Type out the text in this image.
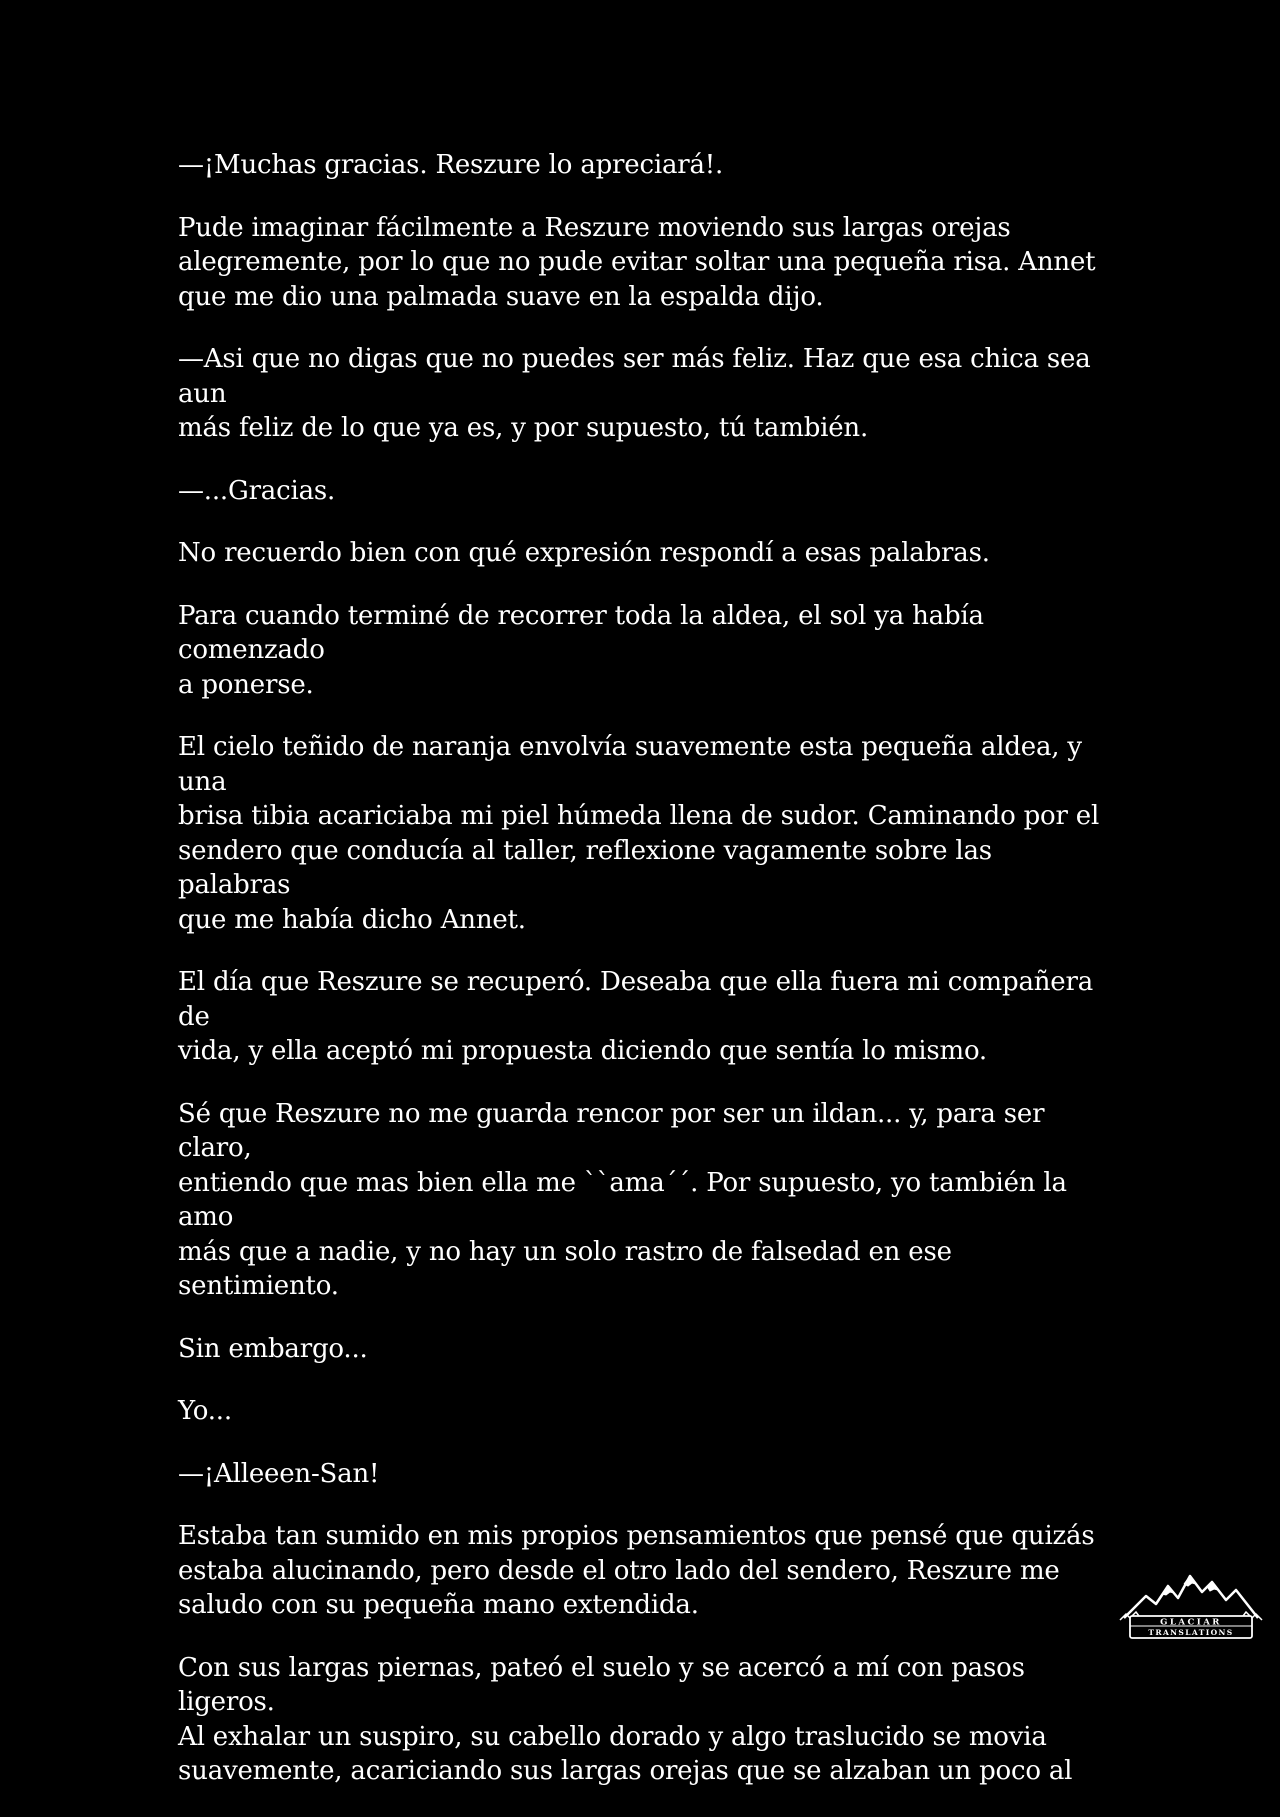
—¡Muchas gracias. Reszure lo apreciará!.

Pude imaginar fácilmente a Reszure moviendo sus largas orejas
alegremente, por lo que no pude evitar soltar una pequeña risa. Annet
que me dio una palmada suave en la espalda dijo.

—Asi que no digas que no puedes ser más feliz. Haz que esa chica sea aun
más feliz de lo que ya es, y por supuesto, tú también.

—...Gracias.

No recuerdo bien con qué expresión respondí a esas palabras.

Para cuando terminé de recorrer toda la aldea, el sol ya había comenzado
a ponerse.

El cielo teñido de naranja envolvía suavemente esta pequeña aldea, y una
brisa tibia acariciaba mi piel húmeda llena de sudor. Caminando por el
sendero que conducía al taller, reflexione vagamente sobre las palabras
que me había dicho Annet.

El día que Reszure se recuperó. Deseaba que ella fuera mi compañera de
vida, y ella aceptó mi propuesta diciendo que sentía lo mismo.

Sé que Reszure no me guarda rencor por ser un ildan... y, para ser claro,
entiendo que mas bien ella me ``ama´´. Por supuesto, yo también la amo
más que a nadie, y no hay un solo rastro de falsedad en ese sentimiento.

Sin embargo...

Yo...

—¡Alleeen-San!

Estaba tan sumido en mis propios pensamientos que pensé que quizás
estaba alucinando, pero desde el otro lado del sendero, Reszure me
saludo con su pequeña mano extendida.

Con sus largas piernas, pateó el suelo y se acercó a mí con pasos ligeros.
Al exhalar un suspiro, su cabello dorado y algo traslucido se movia
suavemente, acariciando sus largas orejas que se alzaban un poco al

GLACIAR
TRANSLATIONS
